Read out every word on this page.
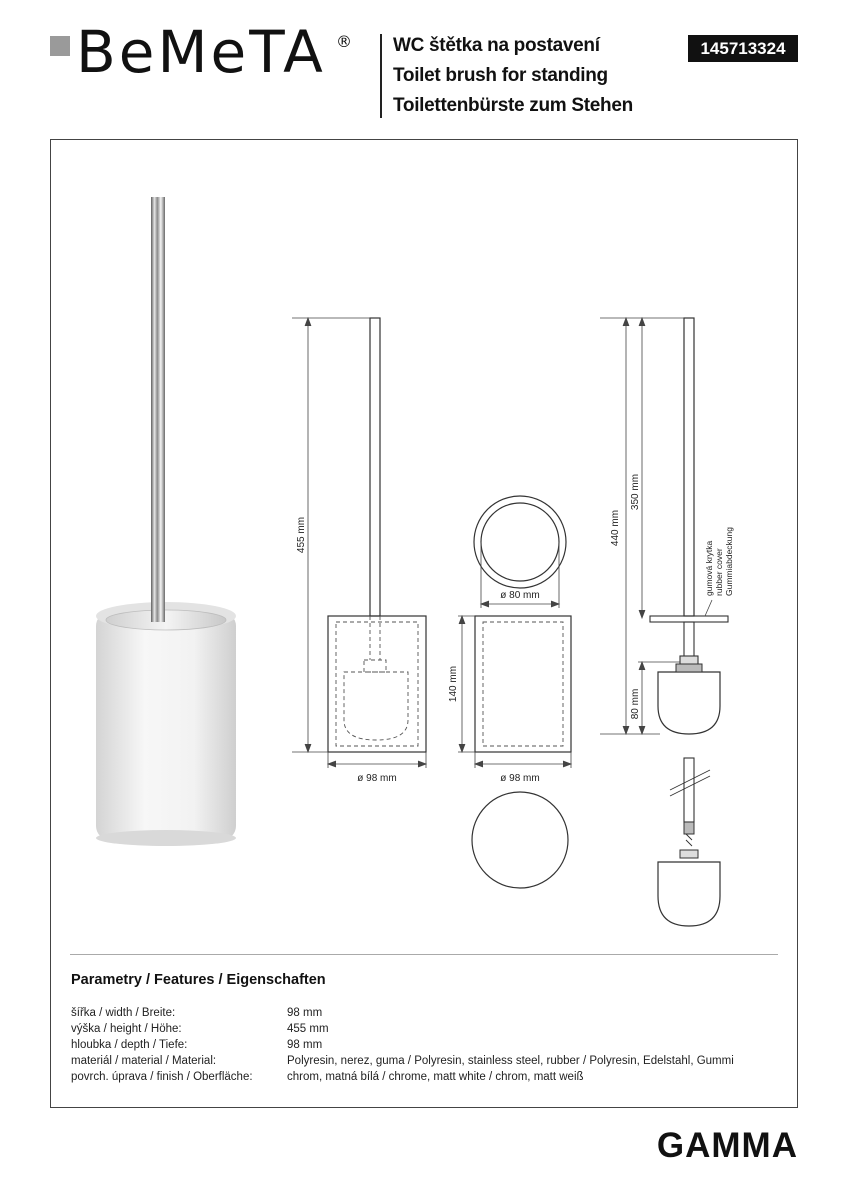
BeMeTA ® WC štětka na postavení
Toilet brush for standing
Toilettenbürste zum Stehen
145713324
455 mm
ø 98 mm
ø 80 mm
140 mm
ø 98 mm
440 mm
350 mm
80 mm
gumová krytka rubber cover Gummiabdeckung
Parametry / Features / Eigenschaften
šířka / width / Breite:	98 mm
výška / height / Höhe:	455 mm
hloubka / depth / Tiefe:	98 mm
materiál / material / Material:	Polyresin, nerez, guma / Polyresin, stainless steel, rubber / Polyresin, Edelstahl, Gummi
povrch. úprava / finish / Oberfläche:	chrom, matná bílá / chrome, matt white / chrom, matt weiß
GAMMA
